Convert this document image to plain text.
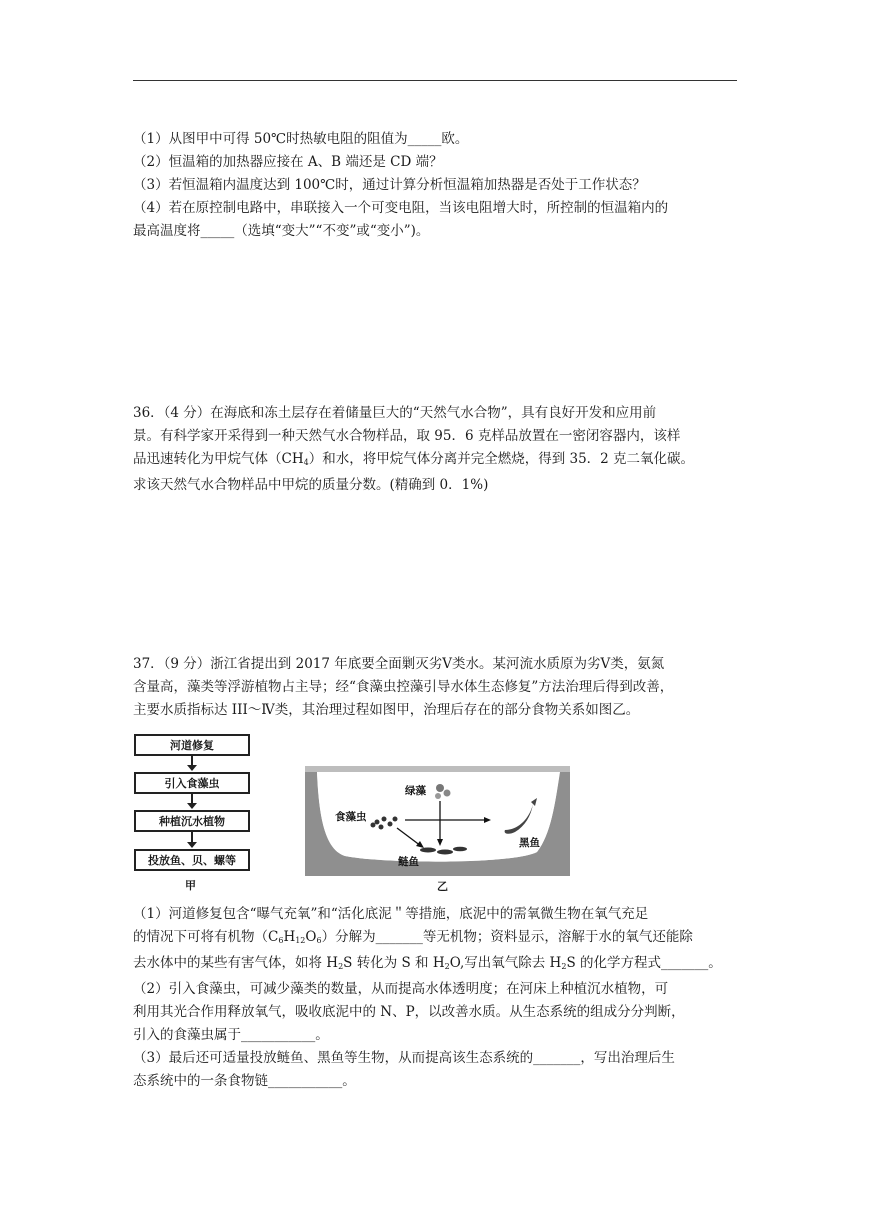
（1）从图甲中可得 50℃时热敏电阻的阻值为_____欧。

（2）恒温箱的加热器应接在 A、B 端还是 CD 端？

（3）若恒温箱内温度达到 100℃时，通过计算分析恒温箱加热器是否处于工作状态？

（4）若在原控制电路中，串联接入一个可变电阻，当该电阻增大时，所控制的恒温箱内的

最高温度将_____（选填“变大”“不变”或“变小”)。

36．（4 分）在海底和冻土层存在着储量巨大的“天然气水合物”，具有良好开发和应用前

景。有科学家开采得到一种天然气水合物样品，取 95．6 克样品放置在一密闭容器内，该样

品迅速转化为甲烷气体$(CH_4)$和水，将甲烷气体分离并完全燃烧，得到 35．2 克二氧化碳。

求该天然气水合物样品中甲烷的质量分数。(精确到 0．1%)

37．（9 分）浙江省提出到 2017 年底要全面剿灭劣Ⅴ类水。某河流水质原为劣Ⅴ类，氨氮

含量高，藻类等浮游植物占主导；经“食藻虫控藻引导水体生态修复”方法治理后得到改善，

主要水质指标达 III～Ⅳ类，其治理过程如图甲，治理后存在的部分食物关系如图乙。

河道修复
引入食藻虫
种植沉水植物
投放鱼、贝、螺等
甲
绿藻
食藻虫
鲢鱼
黑鱼
乙

（1）河道修复包含“曝气充氧”和“活化底泥＂等措施，底泥中的需氧微生物在氧气充足

的情况下可将有机物$(C_6H_{12}O_6)$分解为_______等无机物；资料显示，溶解于水的氧气还能除

去水体中的某些有害气体，如将 $H_2S$ 转化为 S 和 $H_2O$,写出氧气除去 $H_2S$ 的化学方程式_______。

（2）引入食藻虫，可减少藻类的数量，从而提高水体透明度；在河床上种植沉水植物，可

利用其光合作用释放氧气，吸收底泥中的 N、P，以改善水质。从生态系统的组成分分判断，

引入的食藻虫属于___________。

（3）最后还可适量投放鲢鱼、黑鱼等生物，从而提高该生态系统的_______，写出治理后生

态系统中的一条食物链___________。
